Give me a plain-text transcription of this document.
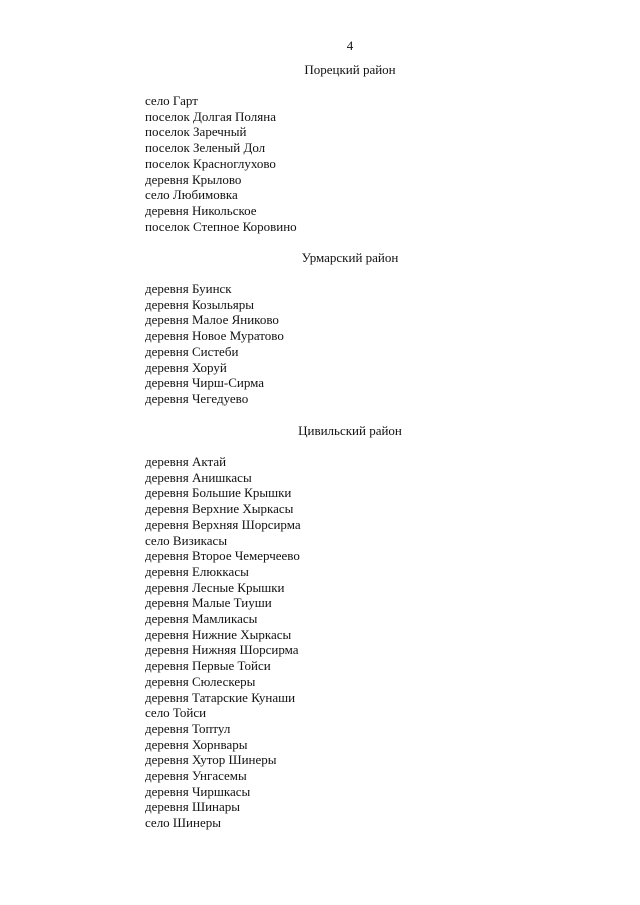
4
Порецкий район
село Гарт
поселок Долгая Поляна
поселок Заречный
поселок Зеленый Дол
поселок Красноглухово
деревня Крылово
село Любимовка
деревня Никольское
поселок Степное Коровино
Урмарский район
деревня Буинск
деревня Козыльяры
деревня Малое Яниково
деревня Новое Муратово
деревня Систеби
деревня Хоруй
деревня Чирш-Сирма
деревня Чегедуево
Цивильский район
деревня Актай
деревня Анишкасы
деревня Большие Крышки
деревня Верхние Хыркасы
деревня Верхняя Шорсирма
село Визикасы
деревня Второе Чемерчеево
деревня Елюккасы
деревня Лесные Крышки
деревня Малые Тиуши
деревня Мамликасы
деревня Нижние Хыркасы
деревня Нижняя Шорсирма
деревня Первые Тойси
деревня Сюлескеры
деревня Татарские Кунаши
село Тойси
деревня Топтул
деревня Хорнвары
деревня Хутор Шинеры
деревня Унгасемы
деревня Чиршкасы
деревня Шинары
село Шинеры
